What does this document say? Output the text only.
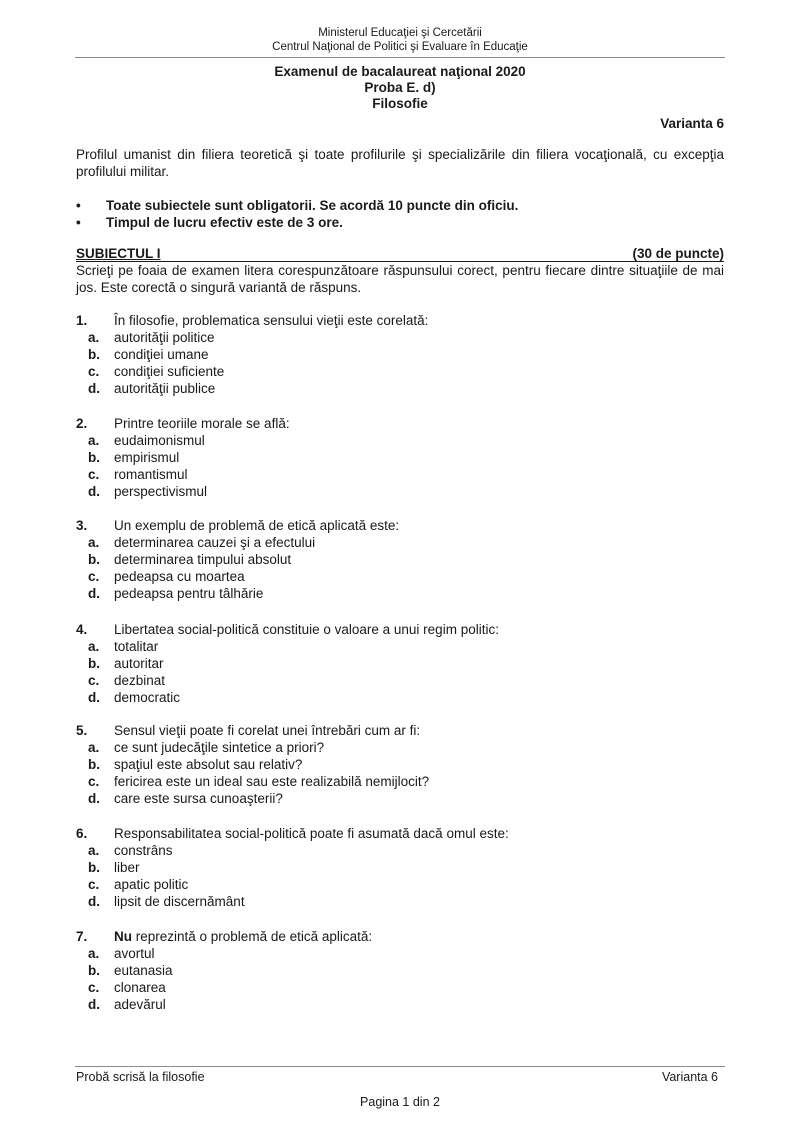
Ministerul Educaţiei şi Cercetării
Centrul Naţional de Politici şi Evaluare în Educaţie
Examenul de bacalaureat naţional 2020
Proba E. d)
Filosofie
Varianta 6
Profilul umanist din filiera teoretică şi toate profilurile şi specializările din filiera vocaţională, cu excepţia profilului militar.
• Toate subiectele sunt obligatorii. Se acordă 10 puncte din oficiu.
• Timpul de lucru efectiv este de 3 ore.
SUBIECTUL I	(30 de puncte)
Scrieţi pe foaia de examen litera corespunzătoare răspunsului corect, pentru fiecare dintre situaţiile de mai jos. Este corectă o singură variantă de răspuns.
1. În filosofie, problematica sensului vieţii este corelată:
a. autorităţii politice
b. condiţiei umane
c. condiţiei suficiente
d. autorităţii publice
2. Printre teoriile morale se află:
a. eudaimonismul
b. empirismul
c. romantismul
d. perspectivismul
3. Un exemplu de problemă de etică aplicată este:
a. determinarea cauzei şi a efectului
b. determinarea timpului absolut
c. pedeapsa cu moartea
d. pedeapsa pentru tâlhărie
4. Libertatea social-politică constituie o valoare a unui regim politic:
a. totalitar
b. autoritar
c. dezbinat
d. democratic
5. Sensul vieţii poate fi corelat unei întrebări cum ar fi:
a. ce sunt judecăţile sintetice a priori?
b. spaţiul este absolut sau relativ?
c. fericirea este un ideal sau este realizabilă nemijlocit?
d. care este sursa cunoaşterii?
6. Responsabilitatea social-politică poate fi asumată dacă omul este:
a. constrâns
b. liber
c. apatic politic
d. lipsit de discernământ
7. Nu reprezintă o problemă de etică aplicată:
a. avortul
b. eutanasia
c. clonarea
d. adevărul
Probă scrisă la filosofie	Varianta 6
Pagina 1 din 2
